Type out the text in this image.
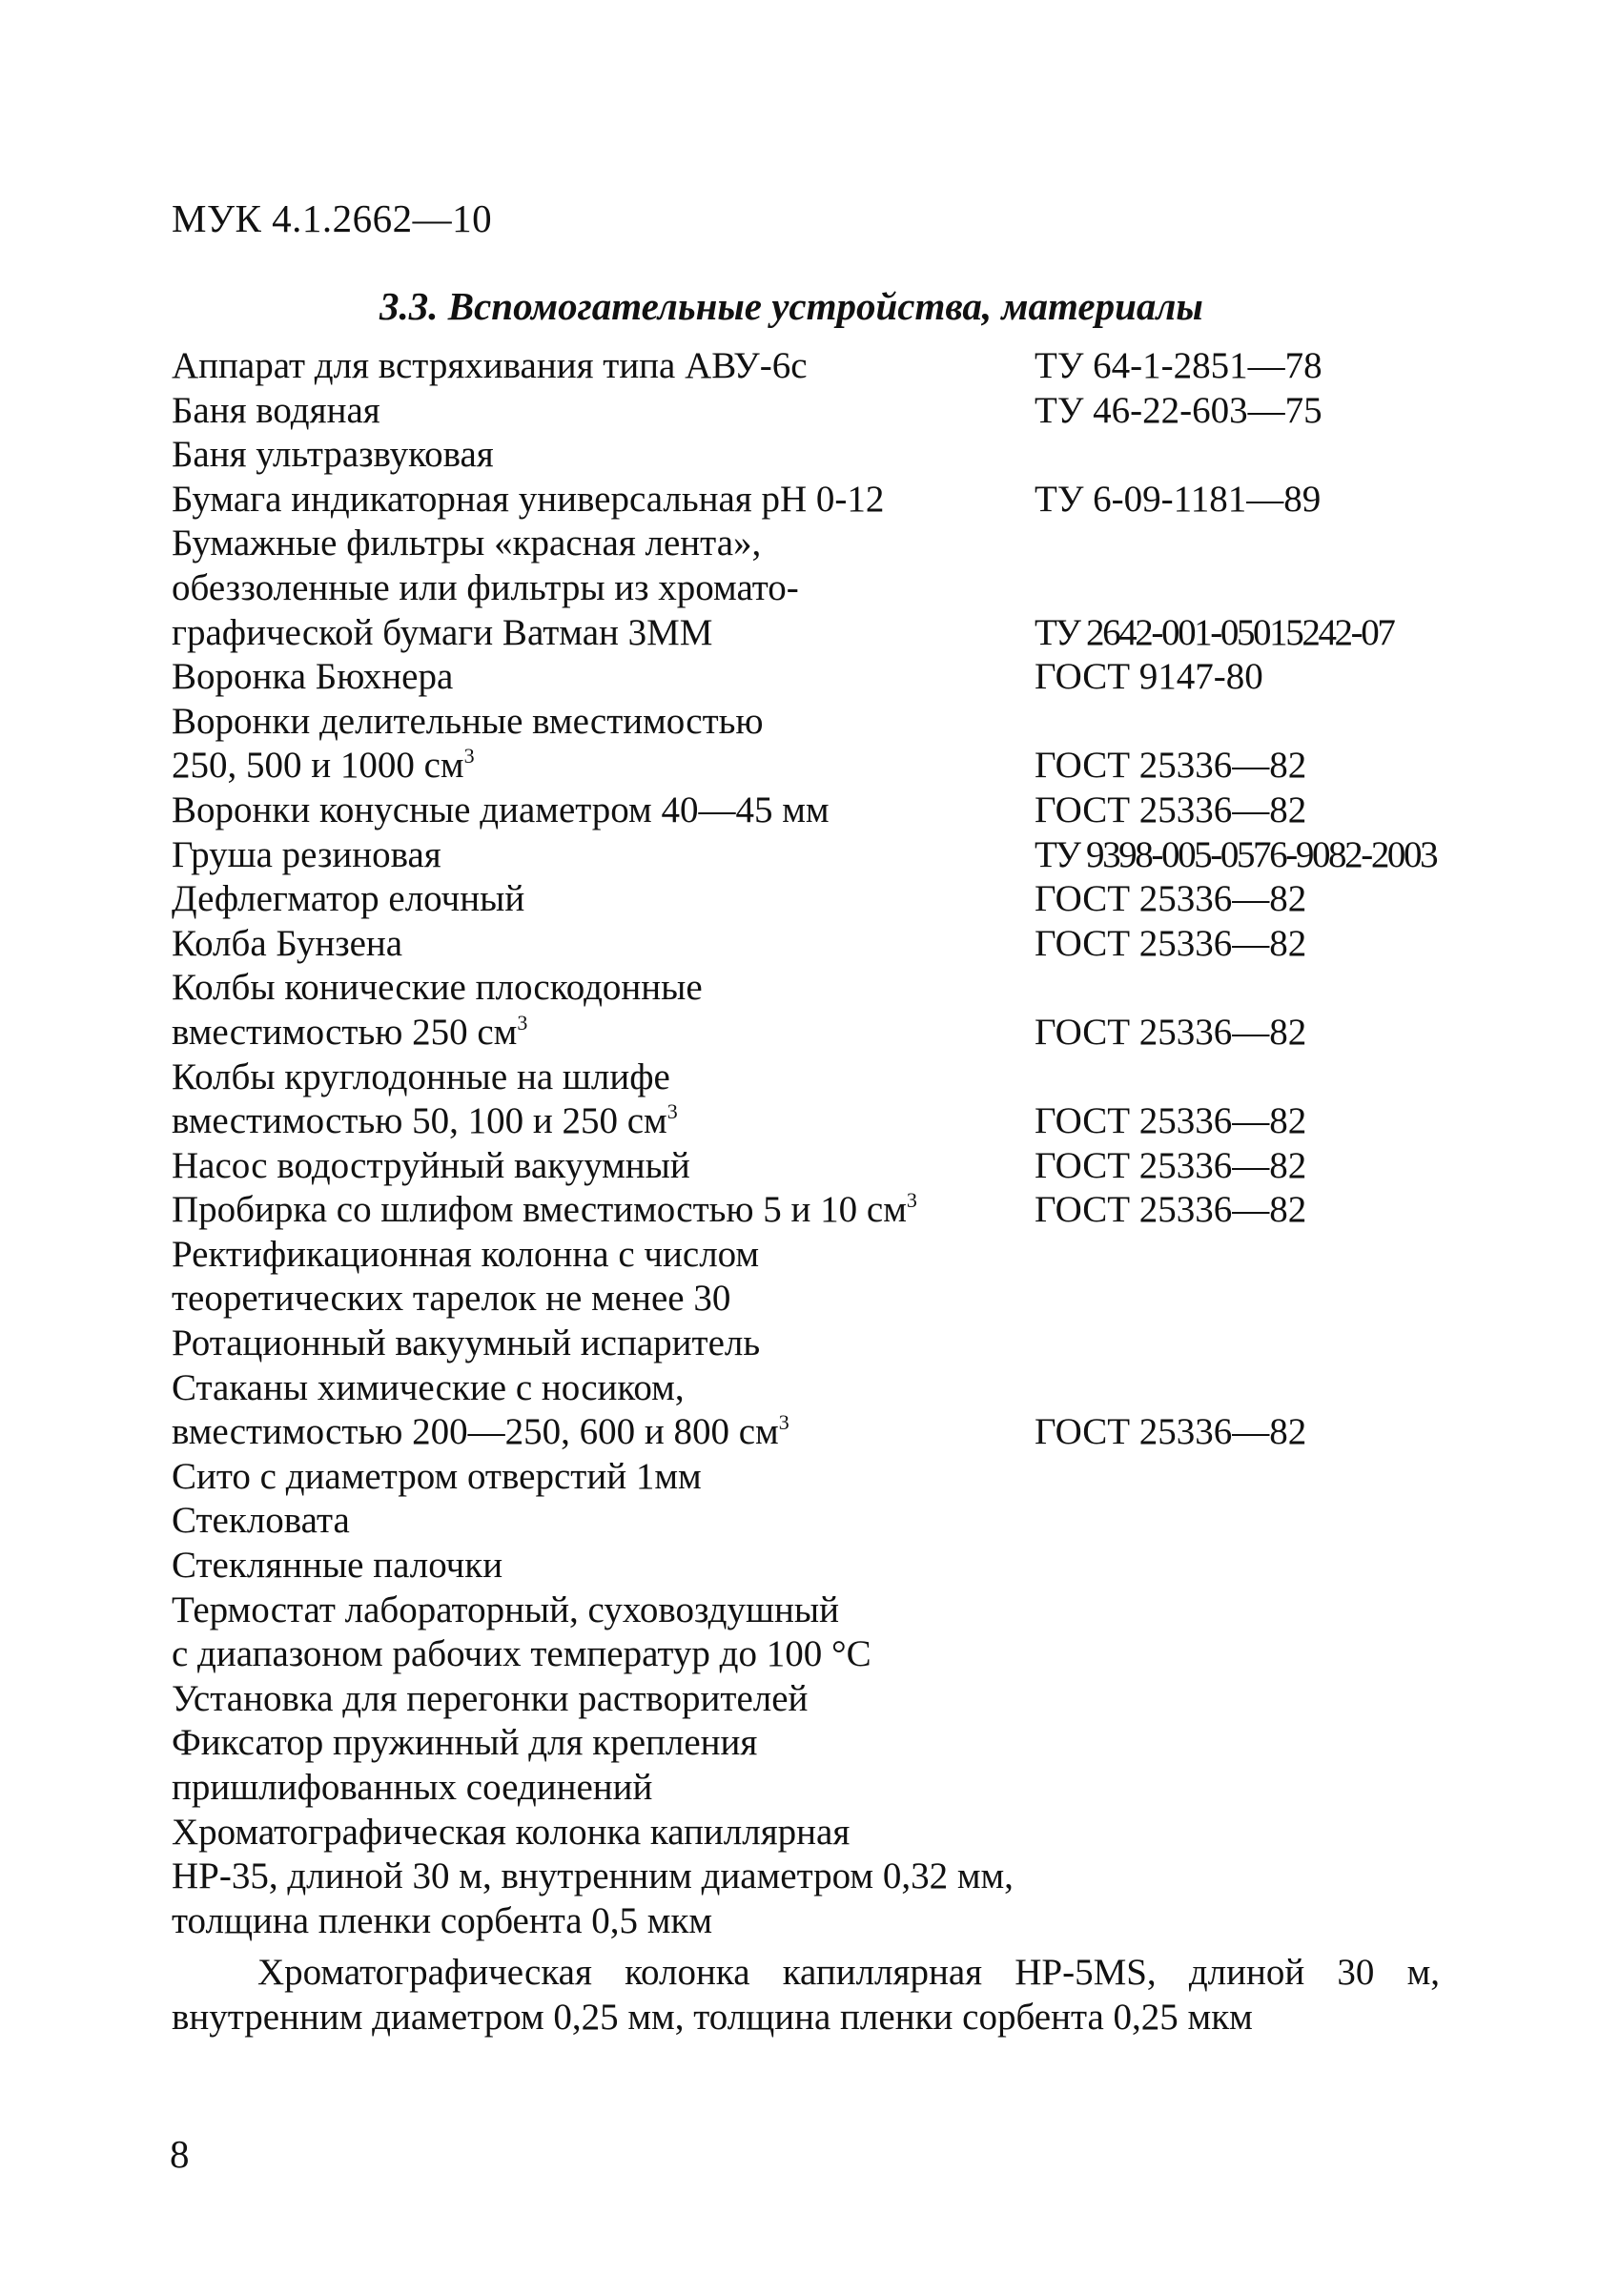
МУК 4.1.2662—10
3.3. Вспомогательные устройства, материалы
Аппарат для встряхивания типа АВУ-6с	ТУ 64-1-2851—78
Баня водяная	ТУ 46-22-603—75
Баня ультразвуковая
Бумага индикаторная универсальная pH 0-12	ТУ 6-09-1181—89
Бумажные фильтры «красная лента»,
обеззоленные или фильтры из хромато-
графической бумаги Ватман 3ММ	ТУ 2642-001-05015242-07
Воронка Бюхнера	ГОСТ 9147-80
Воронки делительные вместимостью
250, 500 и 1000 $см^3$	ГОСТ 25336—82
Воронки конусные диаметром 40—45 мм	ГОСТ 25336—82
Груша резиновая	ТУ 9398-005-0576-9082-2003
Дефлегматор елочный	ГОСТ 25336—82
Колба Бунзена	ГОСТ 25336—82
Колбы конические плоскодонные
вместимостью 250 $см^3$	ГОСТ 25336—82
Колбы круглодонные на шлифе
вместимостью 50, 100 и 250 $см^3$	ГОСТ 25336—82
Насос водоструйный вакуумный	ГОСТ 25336—82
Пробирка со шлифом вместимостью 5 и 10 $см^3$	ГОСТ 25336—82
Ректификационная колонна с числом
теоретических тарелок не менее 30
Ротационный вакуумный испаритель
Стаканы химические с носиком,
вместимостью 200—250, 600 и 800 $см^3$	ГОСТ 25336—82
Сито с диаметром отверстий 1мм
Стекловата
Стеклянные палочки
Термостат лабораторный, суховоздушный
с диапазоном рабочих температур до 100 °С
Установка для перегонки растворителей
Фиксатор пружинный для крепления
пришлифованных соединений
Хроматографическая колонка капиллярная
НР-35, длиной 30 м, внутренним диаметром 0,32 мм,
толщина пленки сорбента 0,5 мкм
Хроматографическая колонка капиллярная HP-5MS, длиной 30 м,
внутренним диаметром 0,25 мм, толщина пленки сорбента 0,25 мкм
8
